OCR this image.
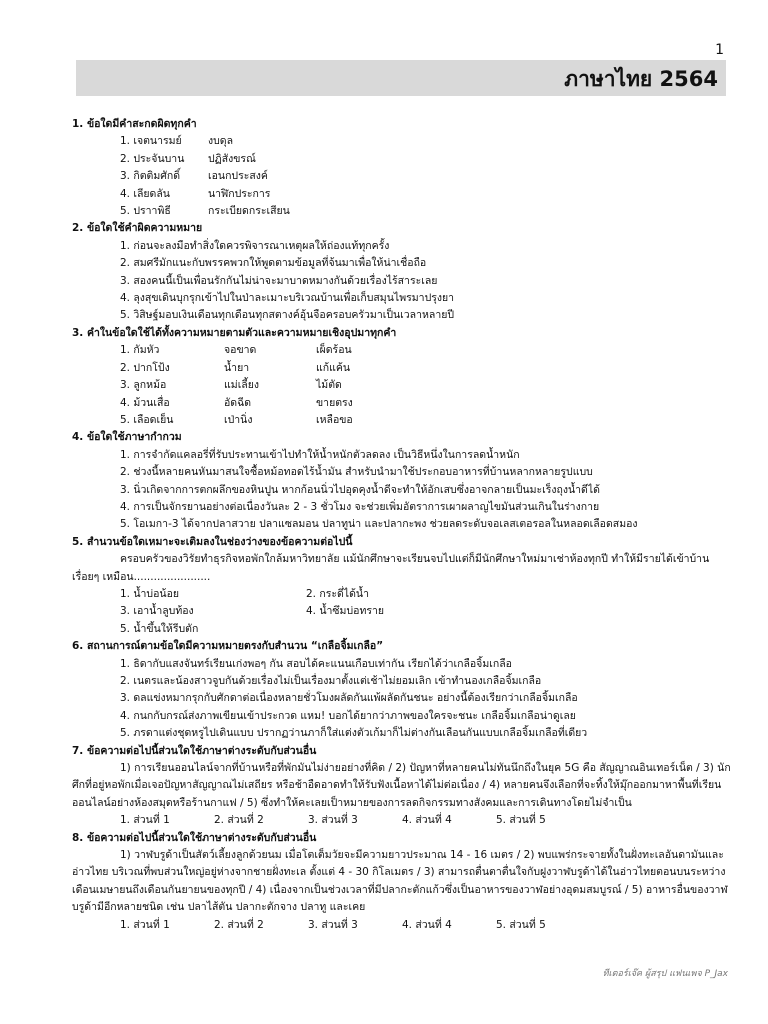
1
ภาษาไทย 2564
1. ข้อใดมีคำสะกดผิดทุกคำ
1. เจตนารมย์	งบดุล
2. ประจันบาน	ปฏิสังขรณ์
3. กิตติมศักดิ์	เอนกประสงค์
4. เลียดลัน	นาฬิกประการ
5. ปราาพิธี	กระเบียดกระเสียน
2. ข้อใดใช้คำผิดความหมาย
1. ก่อนจะลงมือทำสิ่งใดควรพิจารณาเหตุผลให้ถ่องแท้ทุกครั้ง
2. สมศรีมักแนะกับพรรคพวกให้พูดตามข้อมูลที่จ้นมาเพื่อให้น่าเชื่อถือ
3. สองคนนี้เป็นเพื่อนรักกันไม่น่าจะมาบาดหมางกันด้วยเรื่องไร้สาระเลย
4. ลุงสุขเดินบุกรุกเข้าไปในป่าละเมาะบริเวณบ้านเพื่อเก็บสมุนไพรมาปรุงยา
5. วิสิษฐ์มอบเงินเดือนทุกเดือนทุกสตางค์อุ้นจือครอบครัวมาเป็นเวลาหลายปี
3. คำในข้อใดใช้ได้ทั้งความหมายตามตัวและความหมายเชิงอุปมาทุกคำ
1. กัมหัว	จอขาด	เผ็ดร้อน
2. ปากโป้ง	น้ำยา	แก้แค้น
3. ลูกหม้อ	แม่เลี้ยง	ไม้ตัด
4. ม้วนเสื่อ	อัดฉีด	ขายตรง
5. เลือดเย็น	เป่านิ่ง	เหลือขอ
4. ข้อใดใช้ภาษากำกวม
1. การจำกัดแคลอรี่ที่รับประทานเข้าไปทำให้น้ำหนักตัวลดลง เป็นวิธีหนึ่งในการลดน้ำหนัก
2. ช่วงนี้หลายคนหันมาสนใจซื้อหม้อทอดไร้น้ำมัน สำหรับนำมาใช้ประกอบอาหารที่บ้านหลากหลายรูปแบบ
3. นิ่วเกิดจากการตกผลึกของหินปูน หากก้อนนิ่วไปอุดคุงน้ำดีจะทำให้อักเสบซึ่งอาจกลายเป็นมะเร็งถุงน้ำดีได้
4. การเป็นจักรยานอย่างต่อเนื่องวันละ 2 - 3 ชั่วโมง จะช่วยเพิ่มอัตราการเผาผลาญไขมันส่วนเกินในร่างกาย
5. โอเมกา-3 ได้จากปลาสวาย ปลาแซลมอน ปลาทูน่า และปลากะพง ช่วยลดระดับจอเลสเตอรอลในหลอดเลือดสมอง
5. สำนวนข้อใดเหมาะจะเติมลงในช่องว่างของข้อความต่อไปนี้
ครอบครัวของวิรัยทำธุรกิจหอพักใกล้มหาวิทยาลัย แม้นักศึกษาจะเรียนจบไปแต่ก็มีนักศึกษาใหม่มาเช่าห้องทุกปี ทำให้มีรายได้เข้าบ้านเรื่อยๆ เหมือน.......................
1. น้ำบ่อน้อย	2. กระดี่ได้น้ำ
3. เอาน้ำลูบท้อง	4. น้ำซึมบ่อทราย
5. น้ำขึ้นให้รีบตัก
6. สถานการณ์ตามข้อใดมีความหมายตรงกับสำนวน “เกลือจิ้มเกลือ”
1. ธิดากับแสงจันทร์เรียนเก่งพอๆ กัน สอบได้คะแนนเกือบเท่ากัน เรียกได้ว่าเกลือจิ้มเกลือ
2. เนตรและน้องสาวจูบกันด้วยเรื่องไม่เป็นเรื่องมาตั้งแต่เช้าไม่ยอมเลิก เข้าทำนองเกลือจิ้มเกลือ
3. ดลแข่งหมากรุกกับศักดาต่อเนื่องหลายชั่วโมงผลัดกันแพ้ผลัดกันชนะ อย่างนี้ต้องเรียกว่าเกลือจิ้มเกลือ
4. กนกกับกรณ์ส่งภาพเขียนเข้าประกวด แหม! บอกได้ยากว่าภาพของใครจะชนะ เกลือจิ้มเกลือน่าดูเลย
5. ภรดาแต่งชุดหรูไปเดินแบบ ปรากฏว่านภาก็ใส่แต่งตัวเก้มาก็ไม่ต่างกันเลือนกันแบบเกลือจิ้มเกลือที่เดียว
7. ข้อความต่อไปนี้ส่วนใดใช้ภาษาต่างระดับกับส่วนอื่น
1) การเรียนออนไลน์จากที่บ้านหรือที่พักมันไม่ง่ายอย่างที่คิด / 2) ปัญหาที่หลายคนไม่ทันนึกถึงในยุค 5G คือ สัญญาณอินเทอร์เน็ต / 3) นักศึกที่อยู่หอพักเมื่อเจอปัญหาสัญญาณไม่เสถียร หรือช้าอืดอาดทำให้รับฟังเนื้อหาได้ไม่ต่อเนื่อง / 4) หลายคนจึงเลือกที่จะทิ้งให้มุ๊กออกมาหาพื้นที่เรียนออนไลน์อย่างห้องสมุดหรือร้านกาแฟ / 5) ซึ่งทำให้คะเลยเป็าหมายของการลดกิจกรรมทางสังคมและการเดินทางโดยไม่จำเป็น
1. ส่วนที่ 1	2. ส่วนที่ 2	3. ส่วนที่ 3	4. ส่วนที่ 4	5. ส่วนที่ 5
8. ข้อความต่อไปนี้ส่วนใดใช้ภาษาต่างระดับกับส่วนอื่น
1) วาฬบรูด้าเป็นสัตว์เลี้ยงลูกด้วยนม เมื่อโตเต็มวัยจะมีความยาวประมาณ 14 - 16 เมตร / 2) พบแพร่กระจายทั้งในฝั่งทะเลอันดามันและอ่าวไทย บริเวณที่พบส่วนใหญ่อยู่ห่างจากชายฝั่งทะเล ตั้งแต่ 4 - 30 กิโลเมตร / 3) สามารถตื่นตาตื่นใจกับฝูงวาฬบรูด้าได้ในอ่าวไทยตอนบนระหว่างเดือนเมษายนถึงเดือนกันยายนของทุกปี / 4) เนื่องจากเป็นช่วงเวลาที่มีปลากะตักแก้วซึ่งเป็นอาหารของวาฬอย่างอุดมสมบูรณ์ / 5) อาหารอื่นของวาฬบรูด้ามีอีกหลายชนิด เช่น ปลาไส้ตัน ปลากะตักจาง ปลาทู และเคย
1. ส่วนที่ 1	2. ส่วนที่ 2	3. ส่วนที่ 3	4. ส่วนที่ 4	5. ส่วนที่ 5
ทีเตอร์เจ๊ค ผู้สรุป แฟนเพจ P_Jax
